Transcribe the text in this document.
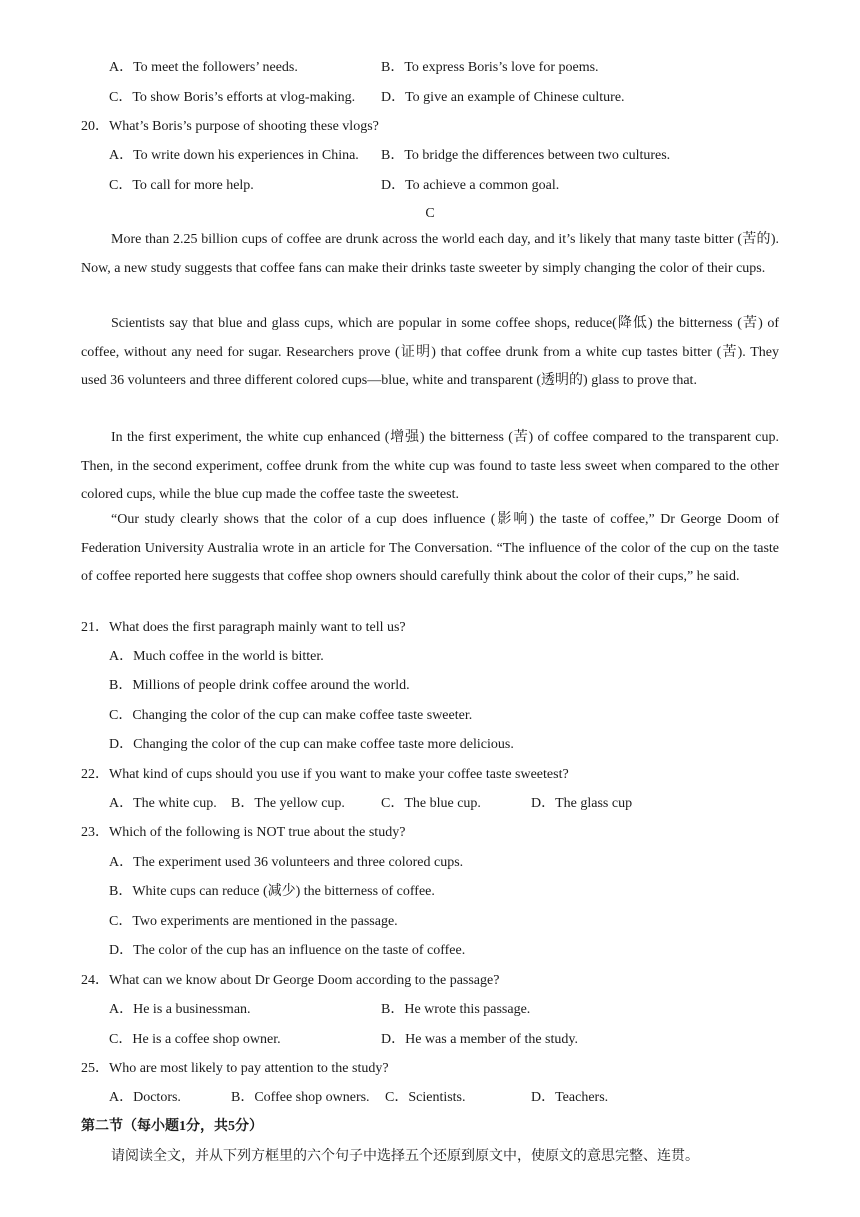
A．To meet the followers’ needs.	B．To express Boris’s love for poems.
C．To show Boris’s efforts at vlog-making. D．To give an example of Chinese culture.
20．What’s Boris’s purpose of shooting these vlogs?
A．To write down his experiences in China. B．To bridge the differences between two cultures.
C．To call for more help.	D．To achieve a common goal.
C
More than 2.25 billion cups of coffee are drunk across the world each day, and it’s likely that many taste bitter (苦的). Now, a new study suggests that coffee fans can make their drinks taste sweeter by simply changing the color of their cups.
Scientists say that blue and glass cups, which are popular in some coffee shops, reduce(降低) the bitterness (苦) of coffee, without any need for sugar. Researchers prove (证明) that coffee drunk from a white cup tastes bitter (苦). They used 36 volunteers and three different colored cups—blue, white and transparent (透明的) glass to prove that.
In the first experiment, the white cup enhanced (增强) the bitterness (苦) of coffee compared to the transparent cup. Then, in the second experiment, coffee drunk from the white cup was found to taste less sweet when compared to the other colored cups, while the blue cup made the coffee taste the sweetest.
“Our study clearly shows that the color of a cup does influence (影响) the taste of coffee,” Dr George Doom of Federation University Australia wrote in an article for The Conversation. “The influence of the color of the cup on the taste of coffee reported here suggests that coffee shop owners should carefully think about the color of their cups,” he said.
21．What does the first paragraph mainly want to tell us?
A．Much coffee in the world is bitter.
B．Millions of people drink coffee around the world.
C．Changing the color of the cup can make coffee taste sweeter.
D．Changing the color of the cup can make coffee taste more delicious.
22．What kind of cups should you use if you want to make your coffee taste sweetest?
A．The white cup. B．The yellow cup.	C．The blue cup.	D．The glass cup
23．Which of the following is NOT true about the study?
A．The experiment used 36 volunteers and three colored cups.
B．White cups can reduce (减少) the bitterness of coffee.
C．Two experiments are mentioned in the passage.
D．The color of the cup has an influence on the taste of coffee.
24．What can we know about Dr George Doom according to the passage?
A．He is a businessman.	B．He wrote this passage.
C．He is a coffee shop owner.	D．He was a member of the study.
25．Who are most likely to pay attention to the study?
A．Doctors.	B．Coffee shop owners. C．Scientists.	D．Teachers.
第二节（每小题1分，共5分）
请阅读全文，并从下列方框里的六个句子中选择五个还原到原文中，使原文的意思完整、连贯。
